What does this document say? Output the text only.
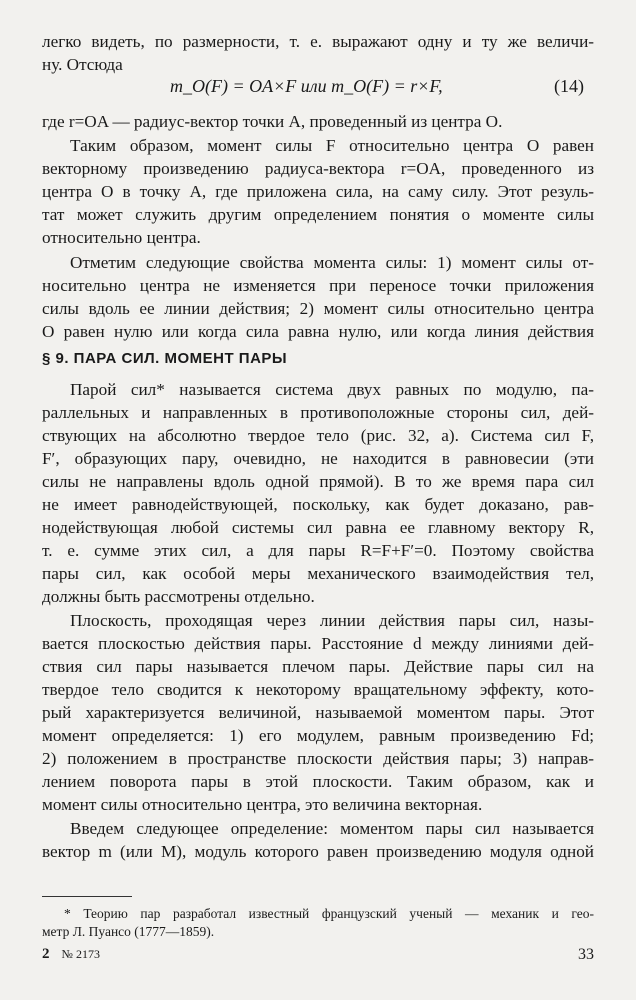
легко видеть, по размерности, т. е. выражают одну и ту же величи-
ну. Отсюда
m_O(F) = OA×F или m_O(F) = r×F,	(14)
где r=OA — радиус-вектор точки A, проведенный из центра O.
Таким образом, момент силы F относительно центра O равен
векторному произведению радиуса-вектора r=OA, проведенного из
центра O в точку A, где приложена сила, на саму силу. Этот резуль-
тат может служить другим определением понятия о моменте силы
относительно центра.
Отметим следующие свойства момента силы: 1) момент силы от-
носительно центра не изменяется при переносе точки приложения
силы вдоль ее линии действия; 2) момент силы относительно центра
O равен нулю или когда сила равна нулю, или когда линия действия
§ 9. ПАРА СИЛ. МОМЕНТ ПАРЫ
Парой сил* называется система двух равных по модулю, па-
раллельных и направленных в противоположные стороны сил, дей-
ствующих на абсолютно твердое тело (рис. 32, а). Система сил F,
F′, образующих пару, очевидно, не находится в равновесии (эти
силы не направлены вдоль одной прямой). В то же время пара сил
не имеет равнодействующей, поскольку, как будет доказано, рав-
нодействующая любой системы сил равна ее главному вектору R,
т. е. сумме этих сил, а для пары R=F+F′=0. Поэтому свойства
пары сил, как особой меры механического взаимодействия тел,
должны быть рассмотрены отдельно.
Плоскость, проходящая через линии действия пары сил, назы-
вается плоскостью действия пары. Расстояние d между линиями дей-
ствия сил пары называется плечом пары. Действие пары сил на
твердое тело сводится к некоторому вращательному эффекту, кото-
рый характеризуется величиной, называемой моментом пары. Этот
момент определяется: 1) его модулем, равным произведению Fd;
2) положением в пространстве плоскости действия пары; 3) направ-
лением поворота пары в этой плоскости. Таким образом, как и
момент силы относительно центра, это величина векторная.
Введем следующее определение: моментом пары сил называется
вектор m (или M), модуль которого равен произведению модуля одной
* Теорию пар разработал известный французский ученый — механик и гео-
метр Л. Пуансо (1777—1859).
2 № 2173	33
